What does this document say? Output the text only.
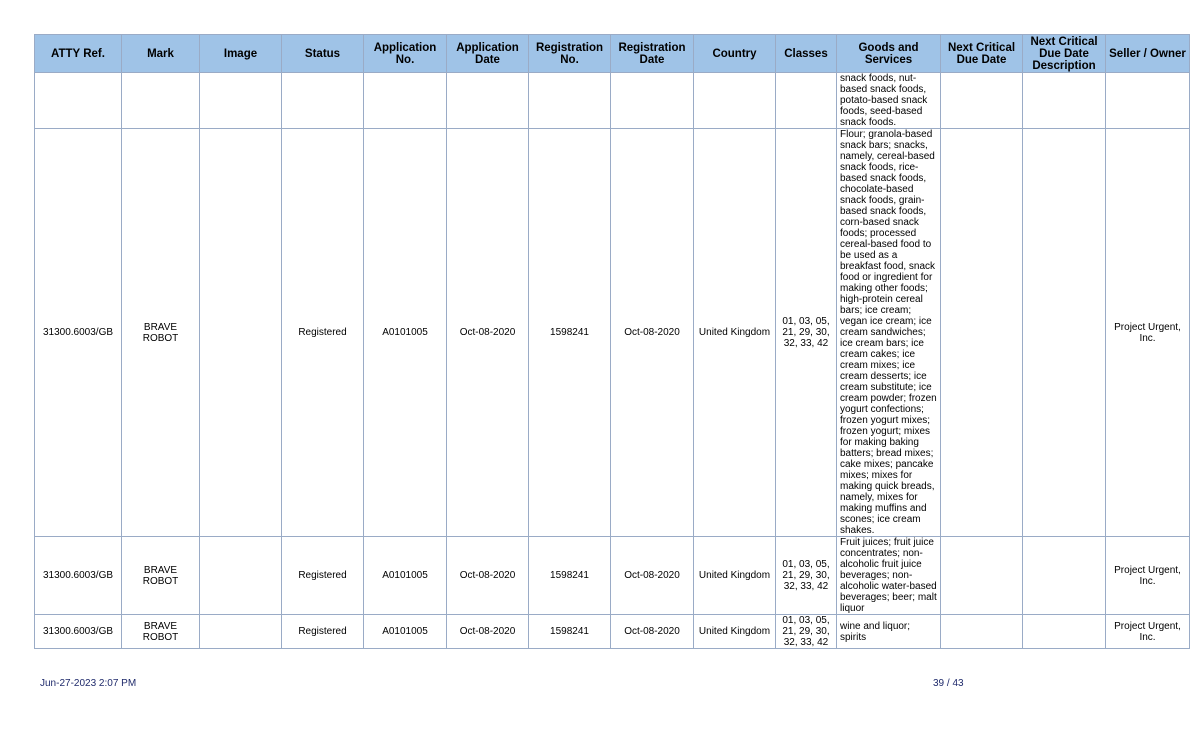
ATTY Ref.	Mark	Image	Status	Application No.	Application Date	Registration No.	Registration Date	Country	Classes	Goods and Services	Next Critical Due Date	Next Critical Due Date Description	Seller / Owner
										snack foods, nut-based snack foods, potato-based snack foods, seed-based snack foods.			
31300.6003/GB	BRAVE ROBOT		Registered	A0101005	Oct-08-2020	1598241	Oct-08-2020	United Kingdom	01, 03, 05, 21, 29, 30, 32, 33, 42	Flour; granola-based snack bars; snacks, namely, cereal-based snack foods, rice-based snack foods, chocolate-based snack foods, grain-based snack foods, corn-based snack foods; processed cereal-based food to be used as a breakfast food, snack food or ingredient for making other foods; high-protein cereal bars; ice cream; vegan ice cream; ice cream sandwiches; ice cream bars; ice cream cakes; ice cream mixes; ice cream desserts; ice cream substitute; ice cream powder; frozen yogurt confections; frozen yogurt mixes; frozen yogurt; mixes for making baking batters; bread mixes; cake mixes; pancake mixes; mixes for making quick breads, namely, mixes for making muffins and scones; ice cream shakes.			Project Urgent, Inc.
31300.6003/GB	BRAVE ROBOT		Registered	A0101005	Oct-08-2020	1598241	Oct-08-2020	United Kingdom	01, 03, 05, 21, 29, 30, 32, 33, 42	Fruit juices; fruit juice concentrates; non-alcoholic fruit juice beverages; non-alcoholic water-based beverages; beer; malt liquor			Project Urgent, Inc.
31300.6003/GB	BRAVE ROBOT		Registered	A0101005	Oct-08-2020	1598241	Oct-08-2020	United Kingdom	01, 03, 05, 21, 29, 30, 32, 33, 42	wine and liquor; spirits			Project Urgent, Inc.
Jun-27-2023 2:07 PM	39 / 43
